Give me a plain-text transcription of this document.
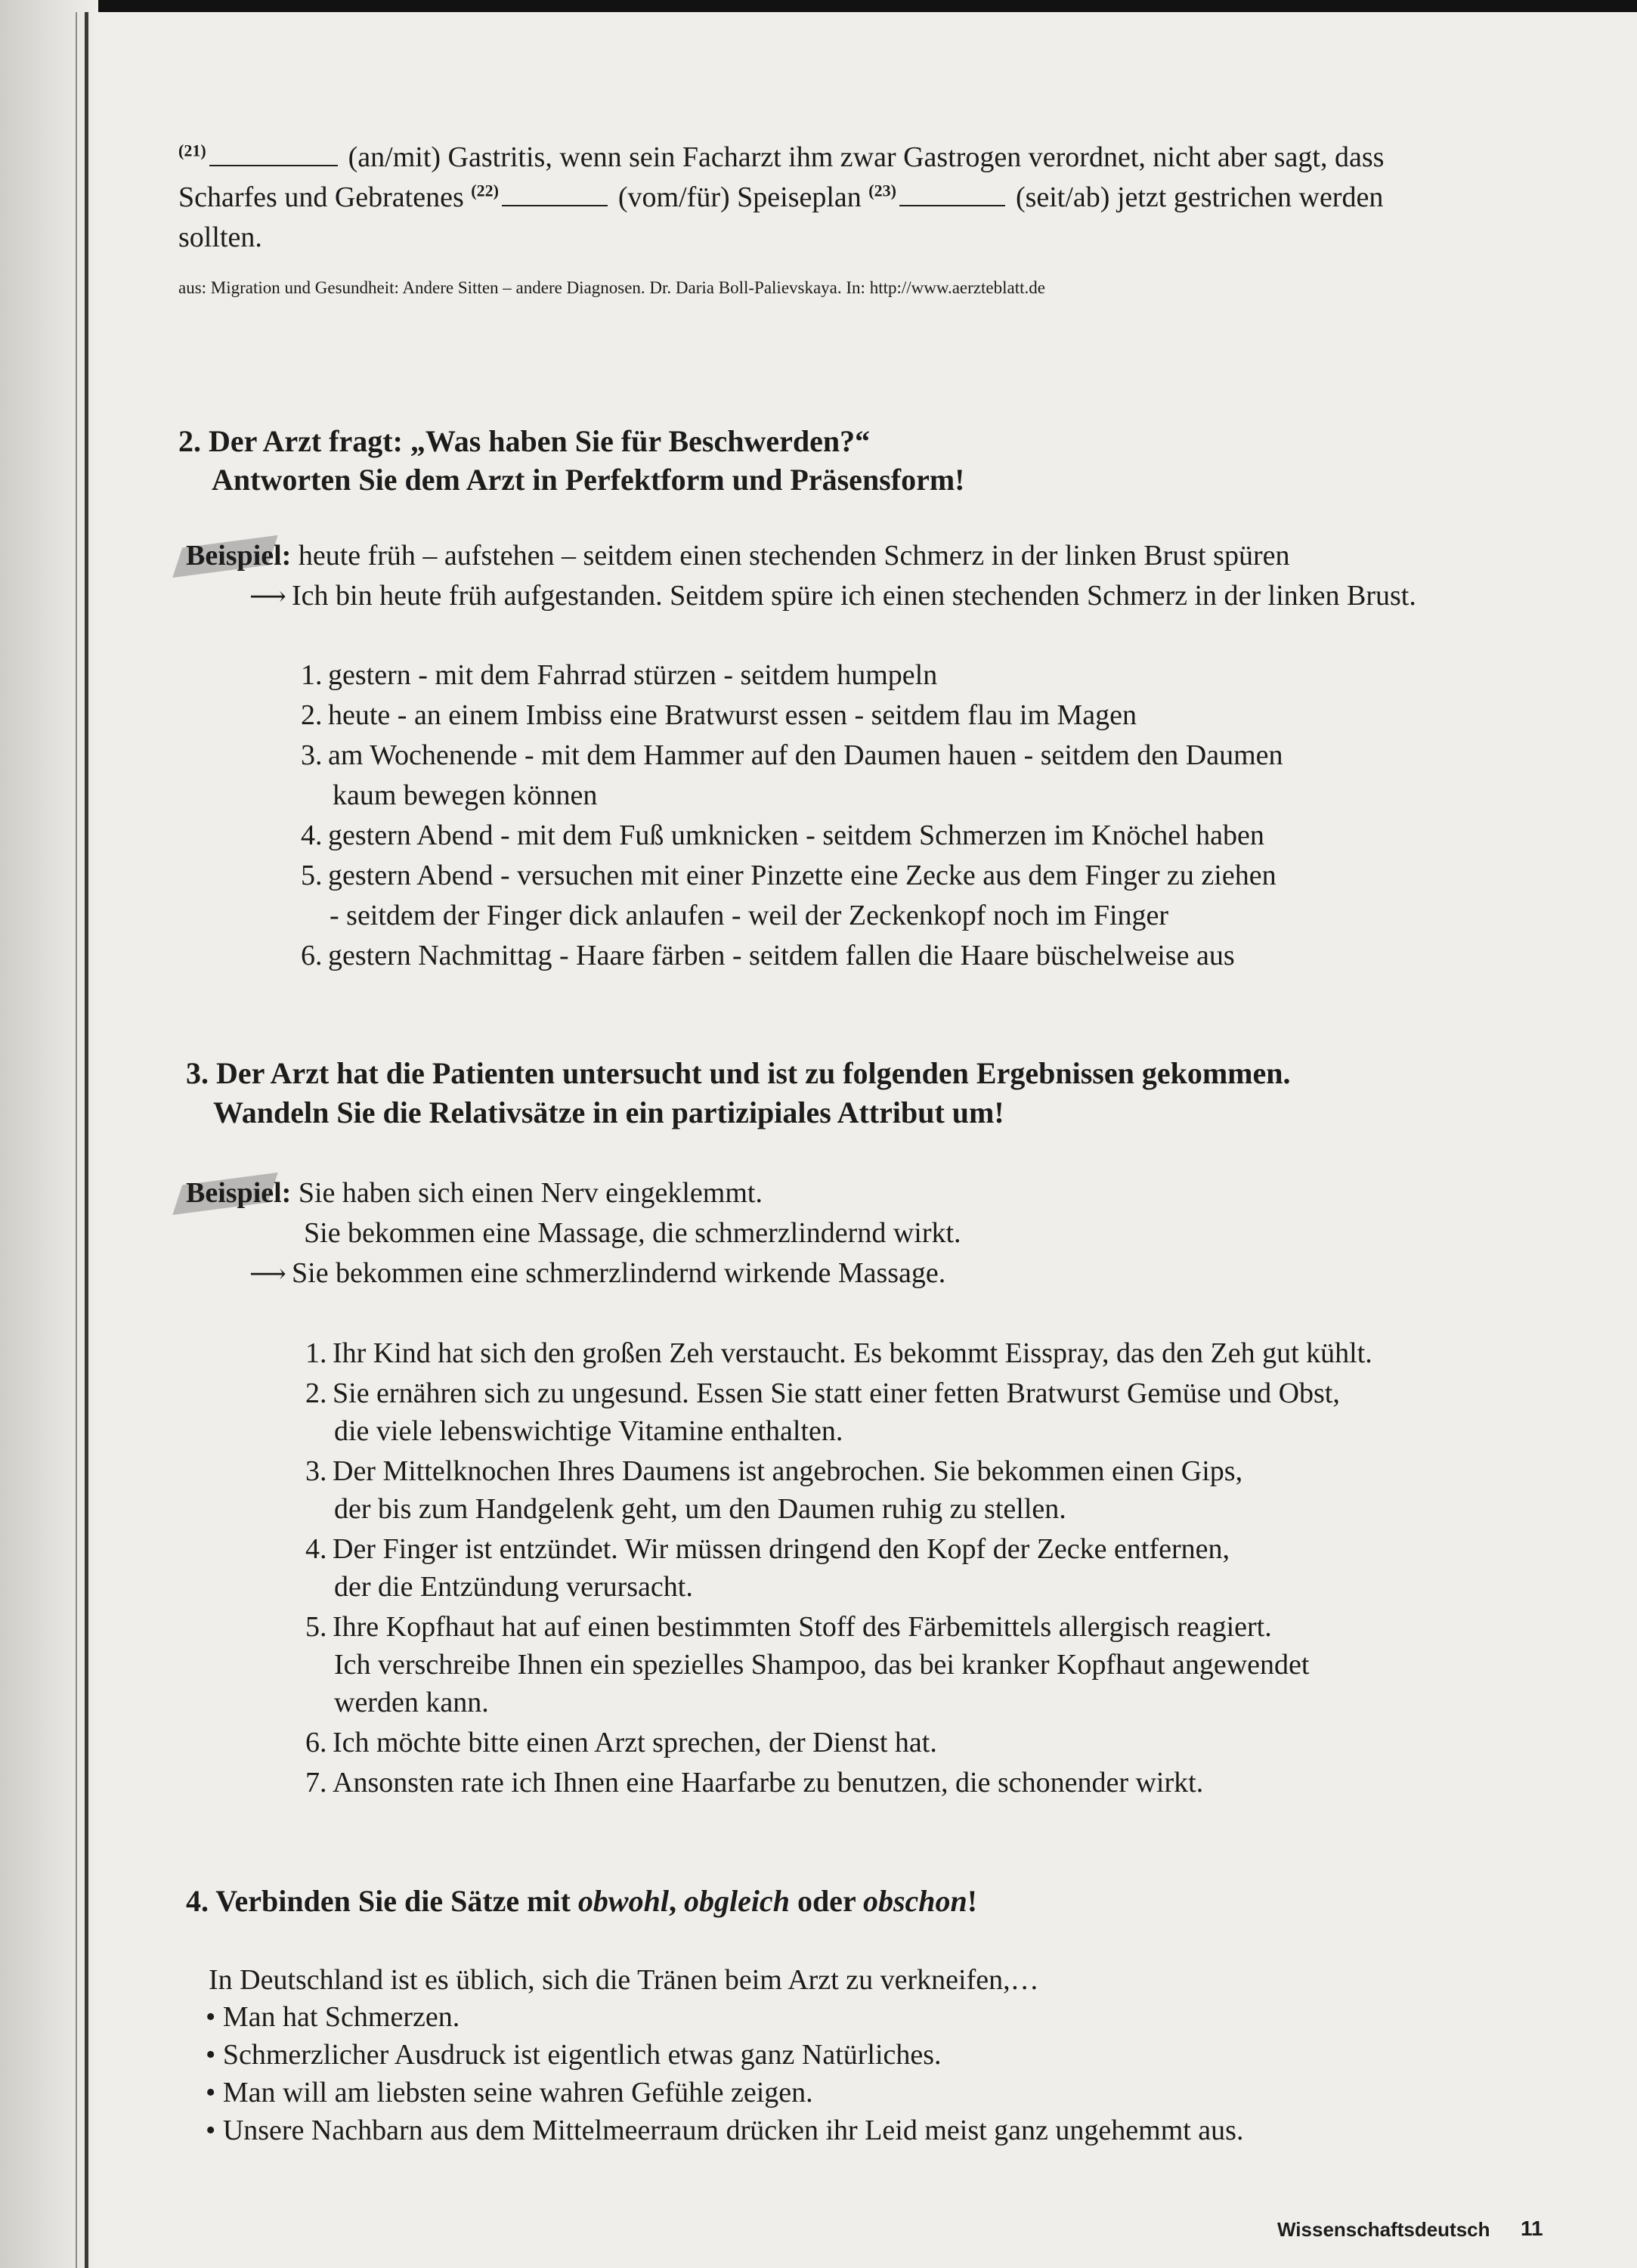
$^{(21)}$	(an/mit) Gastritis, wenn sein Facharzt ihm zwar Gastrogen verordnet, nicht aber sagt, dass

Scharfes und Gebratenes $^{(22)}$	(vom/für) Speiseplan $^{(23)}$	(seit/ab) jetzt gestrichen werden

sollten.

aus: Migration und Gesundheit: Andere Sitten – andere Diagnosen. Dr. Daria Boll-Palievskaya. In: http://www.aerzteblatt.de

2. Der Arzt fragt: „Was haben Sie für Beschwerden?“

Antworten Sie dem Arzt in Perfektform und Präsensform!

Beispiel: heute früh – aufstehen – seitdem einen stechenden Schmerz in der linken Brust spüren

⟶ Ich bin heute früh aufgestanden. Seitdem spüre ich einen stechenden Schmerz in der linken Brust.

1. gestern - mit dem Fahrrad stürzen - seitdem humpeln

2. heute - an einem Imbiss eine Bratwurst essen - seitdem flau im Magen

3. am Wochenende - mit dem Hammer auf den Daumen hauen - seitdem den Daumen

kaum bewegen können

4. gestern Abend - mit dem Fuß umknicken - seitdem Schmerzen im Knöchel haben

5. gestern Abend - versuchen mit einer Pinzette eine Zecke aus dem Finger zu ziehen

- seitdem der Finger dick anlaufen - weil der Zeckenkopf noch im Finger

6. gestern Nachmittag - Haare färben - seitdem fallen die Haare büschelweise aus

3. Der Arzt hat die Patienten untersucht und ist zu folgenden Ergebnissen gekommen.

Wandeln Sie die Relativsätze in ein partizipiales Attribut um!

Beispiel: Sie haben sich einen Nerv eingeklemmt.

Sie bekommen eine Massage, die schmerzlindernd wirkt.

⟶ Sie bekommen eine schmerzlindernd wirkende Massage.

1. Ihr Kind hat sich den großen Zeh verstaucht. Es bekommt Eisspray, das den Zeh gut kühlt.

2. Sie ernähren sich zu ungesund. Essen Sie statt einer fetten Bratwurst Gemüse und Obst,

die viele lebenswichtige Vitamine enthalten.

3. Der Mittelknochen Ihres Daumens ist angebrochen. Sie bekommen einen Gips,

der bis zum Handgelenk geht, um den Daumen ruhig zu stellen.

4. Der Finger ist entzündet. Wir müssen dringend den Kopf der Zecke entfernen,

der die Entzündung verursacht.

5. Ihre Kopfhaut hat auf einen bestimmten Stoff des Färbemittels allergisch reagiert.

Ich verschreibe Ihnen ein spezielles Shampoo, das bei kranker Kopfhaut angewendet

werden kann.

6. Ich möchte bitte einen Arzt sprechen, der Dienst hat.

7. Ansonsten rate ich Ihnen eine Haarfarbe zu benutzen, die schonender wirkt.

4. Verbinden Sie die Sätze mit obwohl, obgleich oder obschon!

In Deutschland ist es üblich, sich die Tränen beim Arzt zu verkneifen,…

• Man hat Schmerzen.

• Schmerzlicher Ausdruck ist eigentlich etwas ganz Natürliches.

• Man will am liebsten seine wahren Gefühle zeigen.

• Unsere Nachbarn aus dem Mittelmeerraum drücken ihr Leid meist ganz ungehemmt aus.

Wissenschaftsdeutsch 11
